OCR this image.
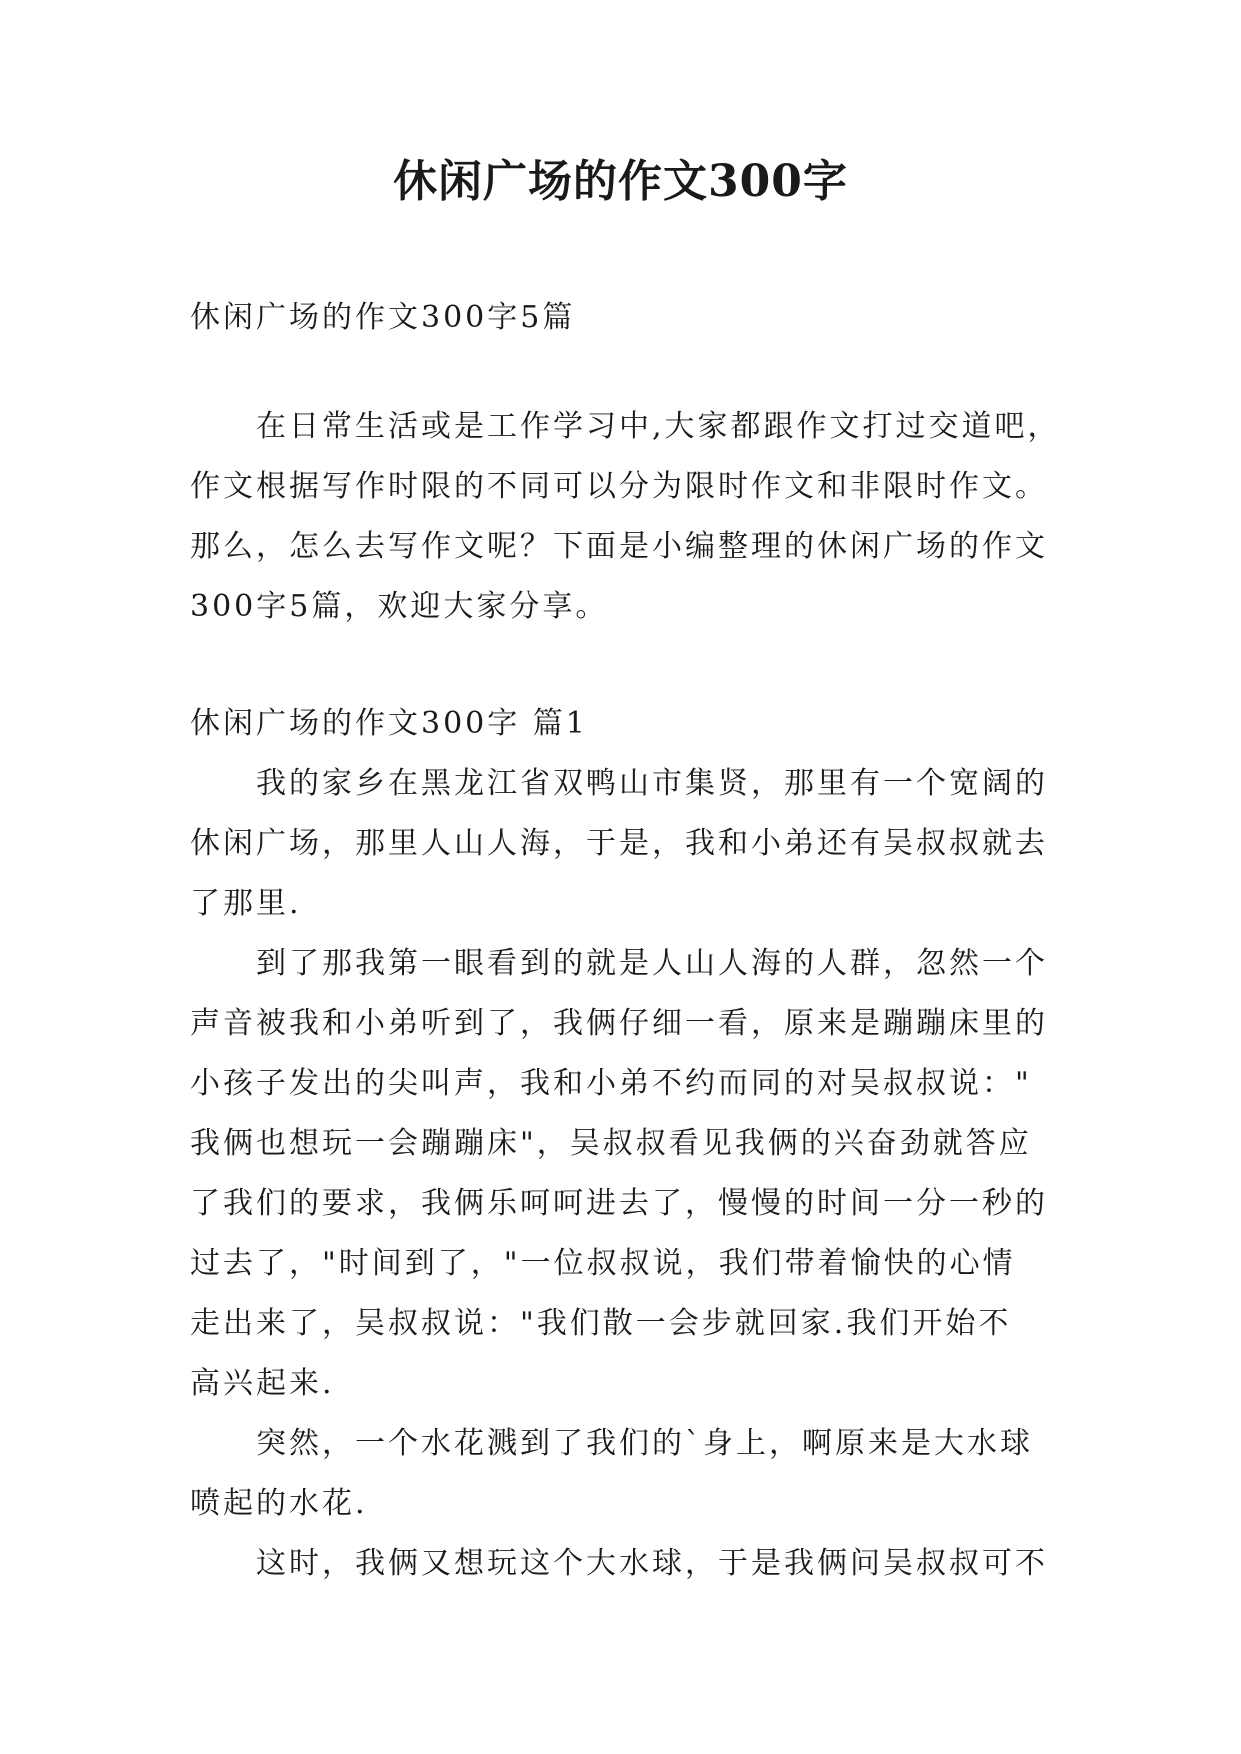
休闲广场的作文300字

休闲广场的作文300字5篇

在日常生活或是工作学习中,大家都跟作文打过交道吧，
作文根据写作时限的不同可以分为限时作文和非限时作文。
那么，怎么去写作文呢？下面是小编整理的休闲广场的作文
300字5篇，欢迎大家分享。

休闲广场的作文300字 篇1

我的家乡在黑龙江省双鸭山市集贤，那里有一个宽阔的
休闲广场，那里人山人海，于是，我和小弟还有吴叔叔就去
了那里.
到了那我第一眼看到的就是人山人海的人群，忽然一个
声音被我和小弟听到了，我俩仔细一看，原来是蹦蹦床里的
小孩子发出的尖叫声，我和小弟不约而同的对吴叔叔说："
我俩也想玩一会蹦蹦床"，吴叔叔看见我俩的兴奋劲就答应
了我们的要求，我俩乐呵呵进去了，慢慢的时间一分一秒的
过去了，"时间到了，"一位叔叔说，我们带着愉快的心情
走出来了，吴叔叔说："我们散一会步就回家.我们开始不
高兴起来.
突然，一个水花溅到了我们的`身上，啊原来是大水球
喷起的水花.
这时，我俩又想玩这个大水球，于是我俩问吴叔叔可不
